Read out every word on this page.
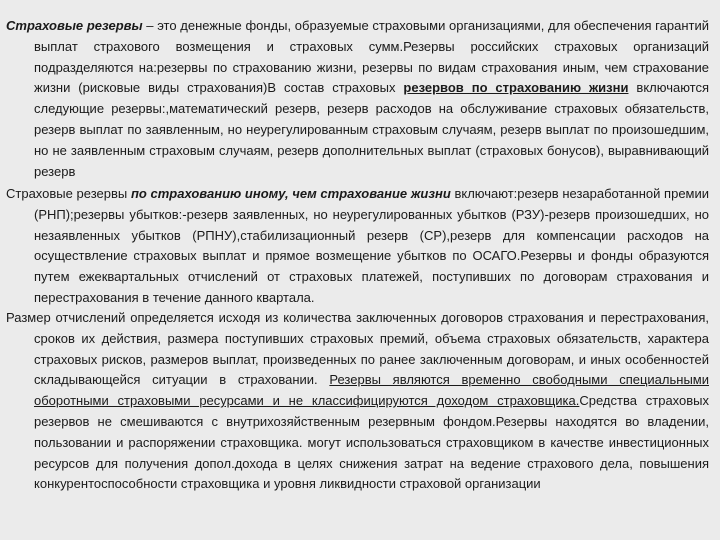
Страховые резервы – это денежные фонды, образуемые страховыми организациями, для обеспечения гарантий выплат страхового возмещения и страховых сумм.Резервы российских страховых организаций подразделяются на:резервы по страхованию жизни, резервы по видам страхования иным, чем страхование жизни (рисковые виды страхования)В состав страховых резервов по страхованию жизни включаются следующие резервы:,математический резерв, резерв расходов на обслуживание страховых обязательств, резерв выплат по заявленным, но неурегулированным страховым случаям, резерв выплат по произошедшим, но не заявленным страховым случаям, резерв дополнительных выплат (страховых бонусов), выравнивающий резерв

Страховые резервы по страхованию иному, чем страхование жизни включают:резерв незаработанной премии (РНП);резервы убытков:-резерв заявленных, но неурегулированных убытков (РЗУ)-резерв произошедших, но незаявленных убытков (РПНУ),стабилизационный резерв (СР),резерв для компенсации расходов на осуществление страховых выплат и прямое возмещение убытков по ОСАГО.Резервы и фонды образуются путем ежеквартальных отчислений от страховых платежей, поступивших по договорам страхования и перестрахования в течение данного квартала.

Размер отчислений определяется исходя из количества заключенных договоров страхования и перестрахования, сроков их действия, размера поступивших страховых премий, объема страховых обязательств, характера страховых рисков, размеров выплат, произведенных по ранее заключенным договорам, и иных особенностей складывающейся ситуации в страховании. Резервы являются временно свободными специальными оборотными страховыми ресурсами и не классифицируются доходом страховщика.Средства страховых резервов не смешиваются с внутрихозяйственным резервным фондом.Резервы находятся во владении, пользовании и распоряжении страховщика. могут использоваться страховщиком в качестве инвестиционных ресурсов для получения допол.дохода в целях снижения затрат на ведение страхового дела, повышения конкурентоспособности страховщика и уровня ликвидности страховой организации
